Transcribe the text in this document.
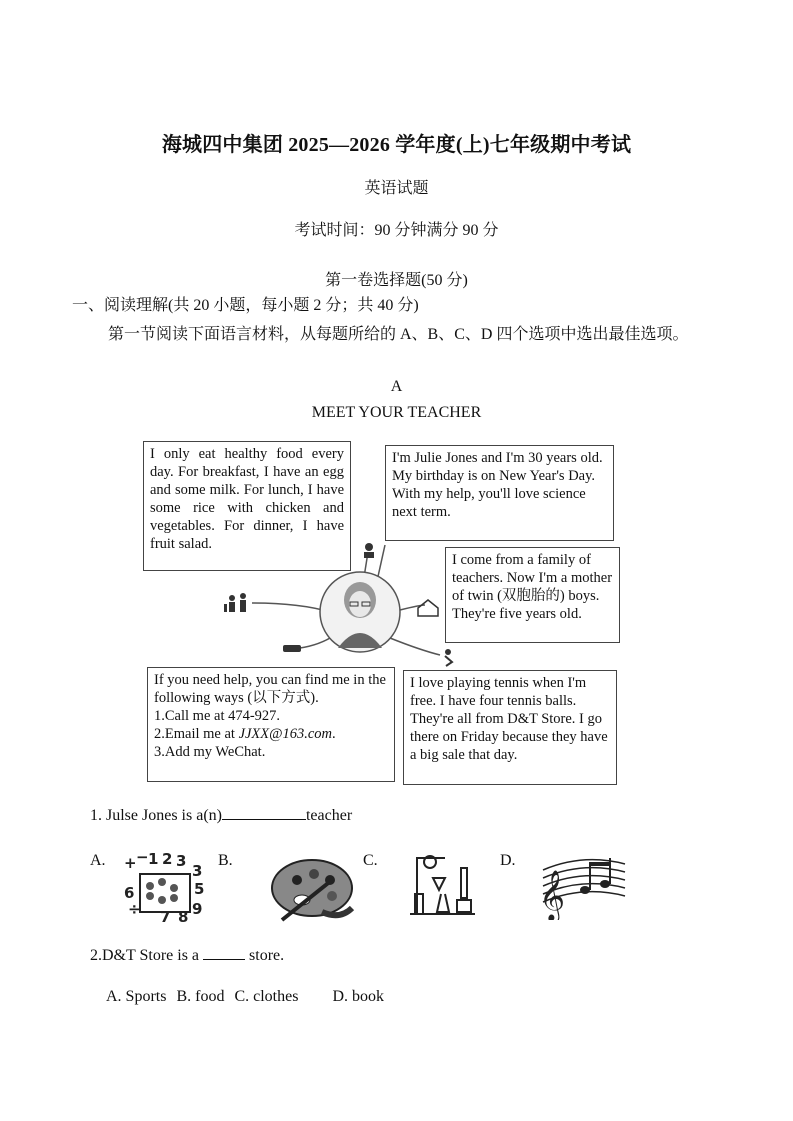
海城四中集团 2025—2026 学年度(上)七年级期中考试
英语试题
考试时间：90 分钟满分 90 分
第一卷选择题(50 分)
一、阅读理解(共 20 小题，每小题 2 分；共 40 分)
第一节阅读下面语言材料，从每题所给的 A、B、C、D 四个选项中选出最佳选项。
A
MEET YOUR TEACHER
I only eat healthy food every day. For breakfast, I have an egg and some milk. For lunch, I have some rice with chicken and vegetables. For dinner, I have fruit salad.
I'm Julie Jones and I'm 30 years old. My birthday is on New Year's Day. With my help, you'll love science next term.
I come from a family of teachers. Now I'm a mother of twin (双胞胎的) boys. They're five years old.
If you need help, you can find me in the following ways (以下方式).
1.Call me at 474-927.
2.Email me at JJXX@163.com.
3.Add my WeChat.
I love playing tennis when I'm free. I have four tennis balls. They're all from D&T Store. I go there on Friday because they have a big sale that day.
1. Julse Jones is a(n)	teacher
A.	B.	C.	D.
+ − 1 2 3
3
6	5
÷ 7 8 9	𝄞
2.D&T Store is a	store.
A. Sports B. food C. clothes D. book
